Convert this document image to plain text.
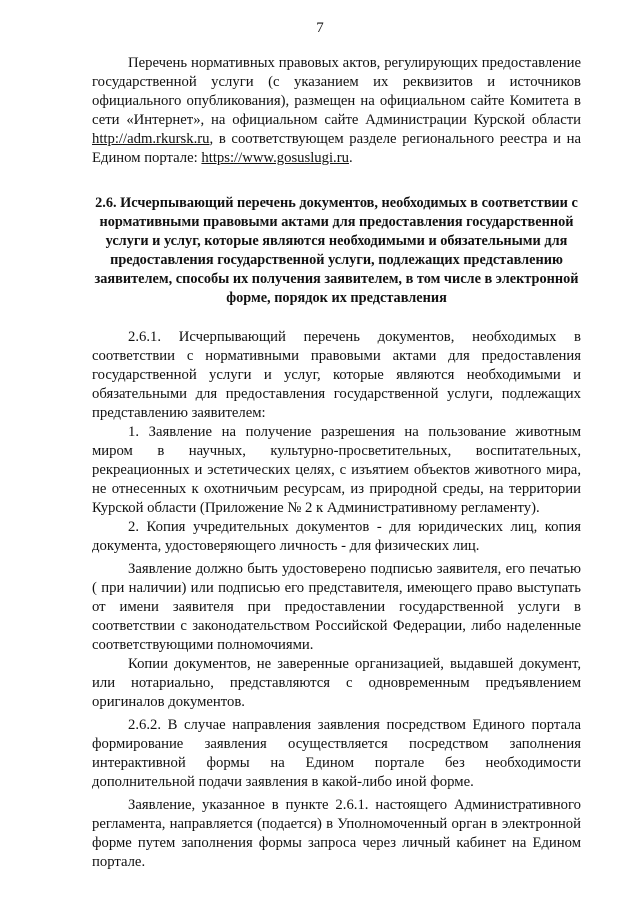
7

Перечень нормативных правовых актов, регулирующих предоставление государственной услуги (с указанием их реквизитов и источников официального опубликования), размещен на официальном сайте Комитета в сети «Интернет», на официальном сайте Администрации Курской области http://adm.rkursk.ru, в соответствующем разделе регионального реестра и на Едином портале: https://www.gosuslugi.ru.

2.6. Исчерпывающий перечень документов, необходимых в соответствии с нормативными правовыми актами для предоставления государственной услуги и услуг, которые являются необходимыми и обязательными для предоставления государственной услуги, подлежащих представлению заявителем, способы их получения заявителем, в том числе в электронной форме, порядок их представления

2.6.1. Исчерпывающий перечень документов, необходимых в соответствии с нормативными правовыми актами для предоставления государственной услуги и услуг, которые являются необходимыми и обязательными для предоставления государственной услуги, подлежащих представлению заявителем:

1. Заявление на получение разрешения на пользование животным миром в научных, культурно-просветительных, воспитательных, рекреационных и эстетических целях, с изъятием объектов животного мира, не отнесенных к охотничьим ресурсам, из природной среды, на территории Курской области (Приложение № 2 к Административному регламенту).

2. Копия учредительных документов - для юридических лиц, копия документа, удостоверяющего личность - для физических лиц.

Заявление должно быть удостоверено подписью заявителя, его печатью ( при наличии) или подписью его представителя, имеющего право выступать от имени заявителя при предоставлении государственной услуги в соответствии с законодательством Российской Федерации, либо наделенные соответствующими полномочиями.

Копии документов, не заверенные организацией, выдавшей документ, или нотариально, представляются с одновременным предъявлением оригиналов документов.

2.6.2. В случае направления заявления посредством Единого портала формирование заявления осуществляется посредством заполнения интерактивной формы на Едином портале без необходимости дополнительной подачи заявления в какой-либо иной форме.

Заявление, указанное в пункте 2.6.1. настоящего Административного регламента, направляется (подается) в Уполномоченный орган в электронной форме путем заполнения формы запроса через личный кабинет на Едином портале.
